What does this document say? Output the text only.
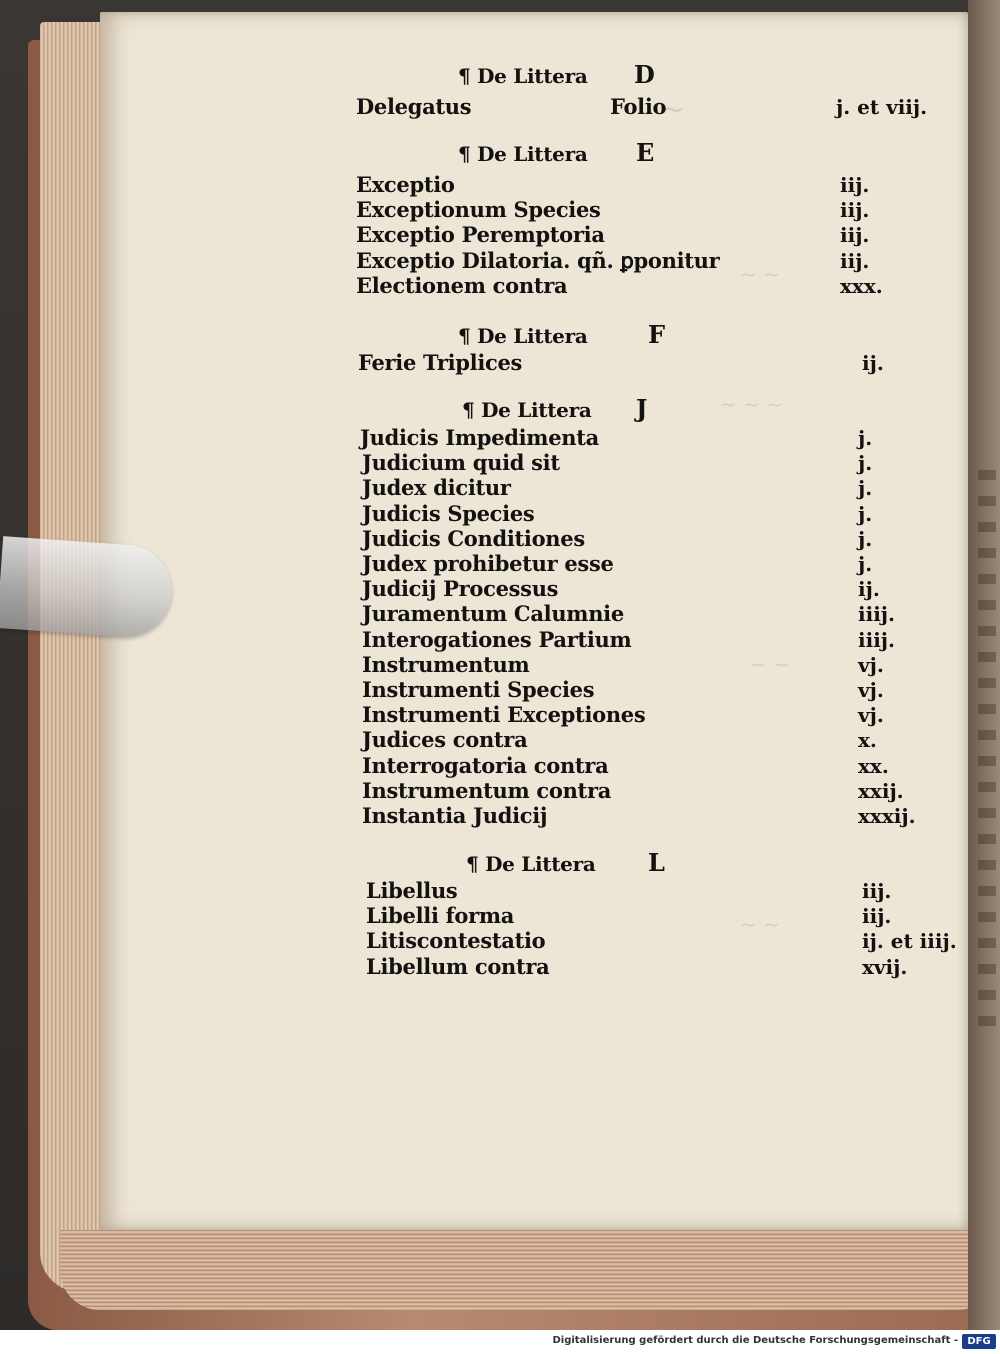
~
~ ~
~ ~ ~
~ ~
~ ~
¶ De Littera D
Delegatus	Folio	j. et viij.
¶ De Littera E
Exceptio	iij.
Exceptionum Species	iij.
Exceptio Peremptoria	iij.
Exceptio Dilatoria. qñ. ꝑponitur	iij.
Electionem contra	xxx.
¶ De Littera	F
Ferie Triplices	ij.
¶ De Littera J
Judicis Impedimenta	j.
Judicium quid sit	j.
Judex dicitur	j.
Judicis Species	j.
Judicis Conditiones	j.
Judex prohibetur esse	j.
Judicij Processus	ij.
Juramentum Calumnie	iiij.
Interogationes Partium	iiij.
Instrumentum	vj.
Instrumenti Species	vj.
Instrumenti Exceptiones	vj.
Judices contra	x.
Interrogatoria contra	xx.
Instrumentum contra	xxij.
Instantia Judicij	xxxij.
¶ De Littera L
Libellus	iij.
Libelli forma	iij.
Litiscontestatio	ij. et iiij.
Libellum contra	xvij.
Digitalisierung gefördert durch die Deutsche Forschungsgemeinschaft - DFG
